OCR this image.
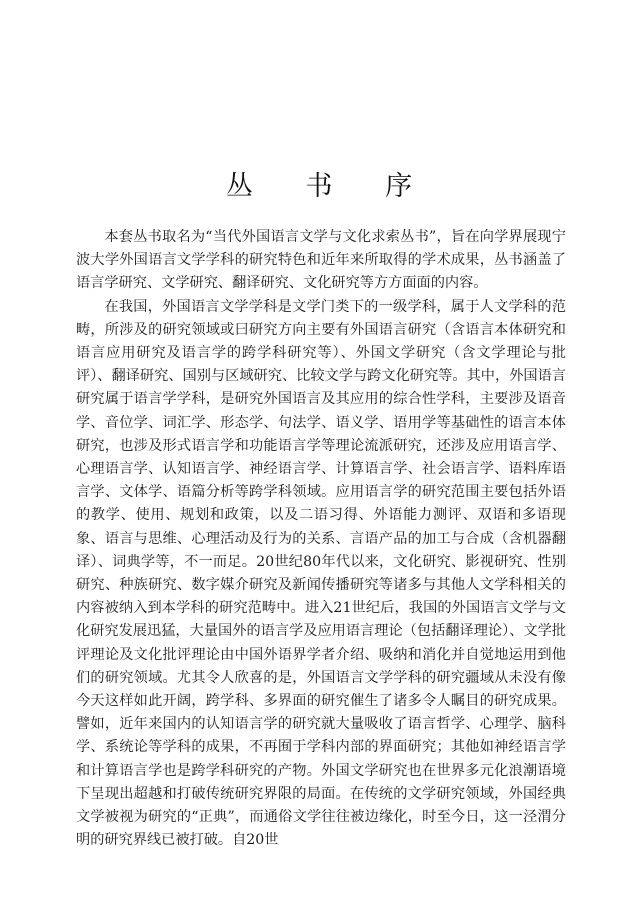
丛 书 序

本套丛书取名为“当代外国语言文学与文化求索丛书”，旨在向学界展现宁波大学外国语言文学学科的研究特色和近年来所取得的学术成果，丛书涵盖了语言学研究、文学研究、翻译研究、文化研究等方方面面的内容。

在我国，外国语言文学学科是文学门类下的一级学科，属于人文学科的范畴，所涉及的研究领域或曰研究方向主要有外国语言研究（含语言本体研究和语言应用研究及语言学的跨学科研究等）、外国文学研究（含文学理论与批评）、翻译研究、国别与区域研究、比较文学与跨文化研究等。其中，外国语言研究属于语言学学科，是研究外国语言及其应用的综合性学科，主要涉及语音学、音位学、词汇学、形态学、句法学、语义学、语用学等基础性的语言本体研究，也涉及形式语言学和功能语言学等理论流派研究，还涉及应用语言学、心理语言学、认知语言学、神经语言学、计算语言学、社会语言学、语料库语言学、文体学、语篇分析等跨学科领域。应用语言学的研究范围主要包括外语的教学、使用、规划和政策，以及二语习得、外语能力测评、双语和多语现象、语言与思维、心理活动及行为的关系、言语产品的加工与合成（含机器翻译）、词典学等，不一而足。20世纪80年代以来，文化研究、影视研究、性别研究、种族研究、数字媒介研究及新闻传播研究等诸多与其他人文学科相关的内容被纳入到本学科的研究范畴中。进入21世纪后，我国的外国语言文学与文化研究发展迅猛，大量国外的语言学及应用语言理论（包括翻译理论）、文学批评理论及文化批评理论由中国外语界学者介绍、吸纳和消化并自觉地运用到他们的研究领域。尤其令人欣喜的是，外国语言文学学科的研究疆域从未没有像今天这样如此开阔，跨学科、多界面的研究催生了诸多令人瞩目的研究成果。譬如，近年来国内的认知语言学的研究就大量吸收了语言哲学、心理学、脑科学、系统论等学科的成果，不再囿于学科内部的界面研究；其他如神经语言学和计算语言学也是跨学科研究的产物。外国文学研究也在世界多元化浪潮语境下呈现出超越和打破传统研究界限的局面。在传统的文学研究领域，外国经典文学被视为研究的“正典”，而通俗文学往往被边缘化，时至今日，这一泾渭分明的研究界线已被打破。自20世
